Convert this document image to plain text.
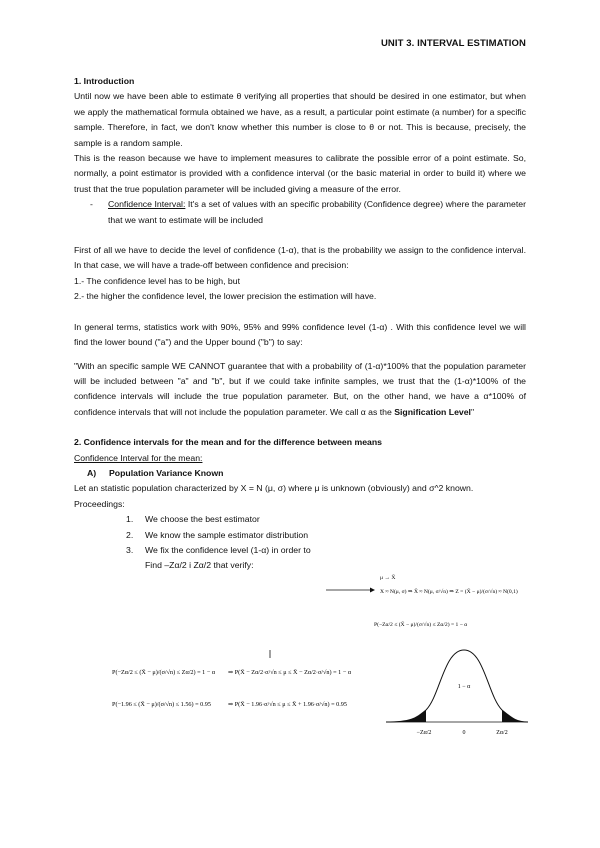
UNIT 3. INTERVAL ESTIMATION

1. Introduction

Until now we have been able to estimate θ verifying all properties that should be desired in one estimator, but when we apply the mathematical formula obtained we have, as a result, a particular point estimate (a number) for a specific sample. Therefore, in fact, we don't know whether this number is close to θ or not. This is because, precisely, the sample is a random sample.

This is the reason because we have to implement measures to calibrate the possible error of a point estimate. So, normally, a point estimator is provided with a confidence interval (or the basic material in order to build it) where we trust that the true population parameter will be included giving a measure of the error.

-	Confidence Interval: It's a set of values with an specific probability (Confidence degree) where the parameter that we want to estimate will be included

First of all we have to decide the level of confidence (1-α), that is the probability we assign to the confidence interval. In that case, we will have a trade-off between confidence and precision:

1.- The confidence level has to be high, but

2.- the higher the confidence level, the lower precision the estimation will have.

In general terms, statistics work with 90%, 95% and 99% confidence level (1-α) . With this confidence level we will find the lower bound ("a") and the Upper bound ("b") to say:

"With an specific sample WE CANNOT guarantee that with a probability of (1-α)*100% that the population parameter will be included between "a" and "b", but if we could take infinite samples, we trust that the (1-α)*100% of the confidence intervals will include the true population parameter. But, on the other hand, we have a α*100% of confidence intervals that will not include the population parameter. We call α as the Signification Level"

2. Confidence intervals for the mean and for the difference between means

Confidence Interval for the mean:

A)	Population Variance Known

Let an statistic population characterized by X = N (μ, σ) where μ is unknown (obviously) and σ^2 known.

Proceedings:

1.	We choose the best estimator
2.	We know the sample estimator distribution
3.	We fix the confidence level (1-α) in order to
Find –Zα/2 i Zα/2 that verify:
μ → X̄
X ≈ N(μ, σ) ⇒ X̄ ≈ N(μ, σ/√n) ⇒ Z = (X̄ − μ)/(σ/√n) ≈ N(0,1)
P(−Zα/2 ≤ (X̄ − μ)/(σ/√n) ≤ Zα/2) = 1 − α
P(−Zα/2 ≤ (X̄ − μ)/(σ/√n) ≤ Zα/2) = 1 − α ⇒ P(X̄ − Zα/2·σ/√n ≤ μ ≤ X̄ − Zα/2·σ/√n) = 1 − α
P(−1.96 ≤ (X̄ − μ)/(σ/√n) ≤ 1.56) = 0.95	⇒ P(X̄ − 1.96·σ/√n ≤ μ ≤ X̄ + 1.96·σ/√n) = 0.95
1 − α
−Zα/2	0	Zα/2
